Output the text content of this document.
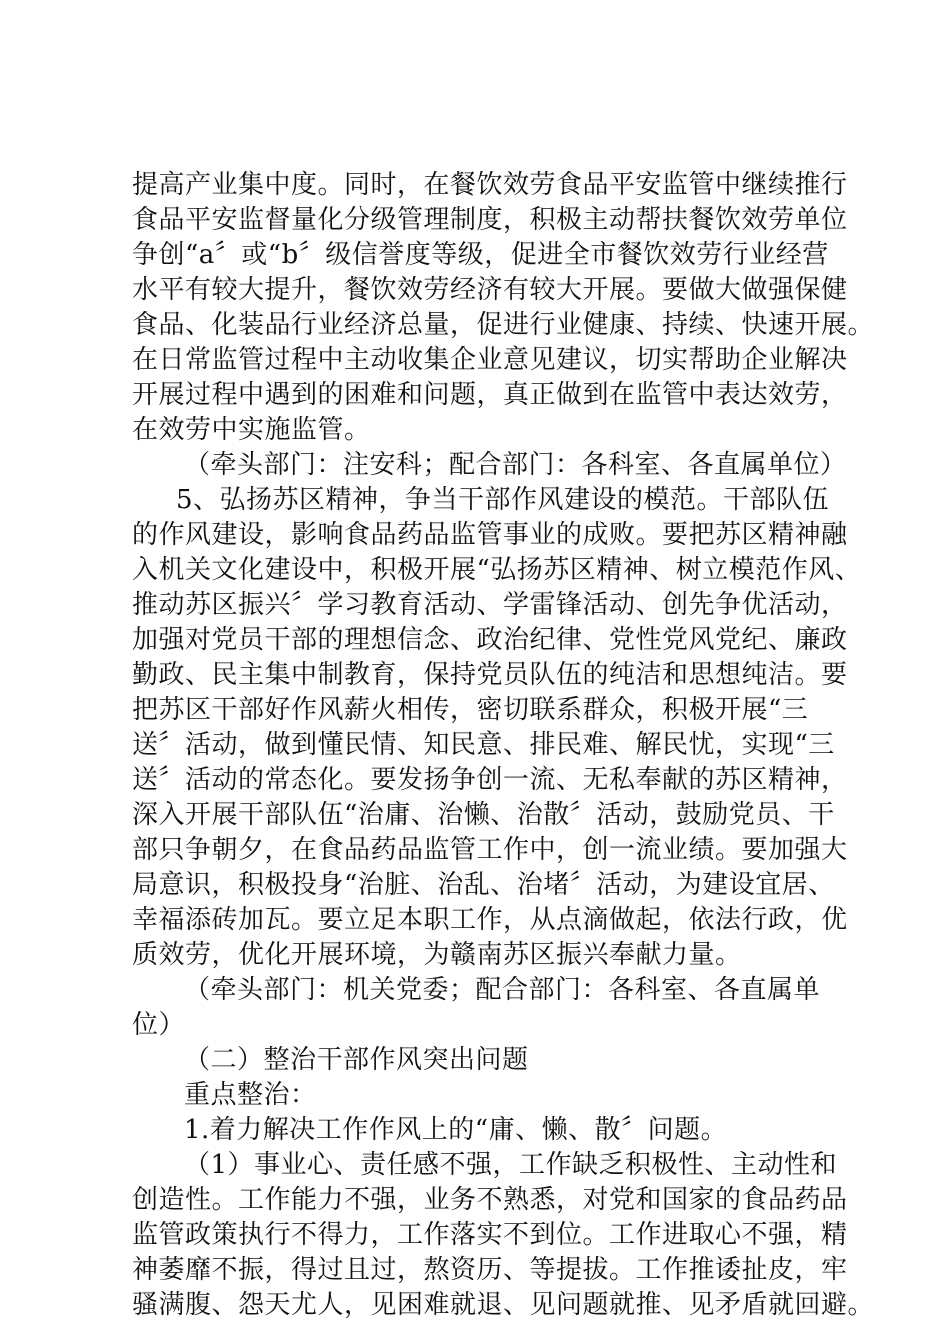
提高产业集中度。同时，在餐饮效劳食品平安监管中继续推行
食品平安监督量化分级管理制度，积极主动帮扶餐饮效劳单位
争创“a〞或“b〞级信誉度等级，促进全市餐饮效劳行业经营
水平有较大提升，餐饮效劳经济有较大开展。要做大做强保健
食品、化装品行业经济总量，促进行业健康、持续、快速开展。
在日常监管过程中主动收集企业意见建议，切实帮助企业解决
开展过程中遇到的困难和问题，真正做到在监管中表达效劳，
在效劳中实施监管。
（牵头部门：注安科；配合部门：各科室、各直属单位）
5、弘扬苏区精神，争当干部作风建设的模范。干部队伍
的作风建设，影响食品药品监管事业的成败。要把苏区精神融
入机关文化建设中，积极开展“弘扬苏区精神、树立模范作风、
推动苏区振兴〞学习教育活动、学雷锋活动、创先争优活动，
加强对党员干部的理想信念、政治纪律、党性党风党纪、廉政
勤政、民主集中制教育，保持党员队伍的纯洁和思想纯洁。要
把苏区干部好作风薪火相传，密切联系群众，积极开展“三
送〞活动，做到懂民情、知民意、排民难、解民忧，实现“三
送〞活动的常态化。要发扬争创一流、无私奉献的苏区精神，
深入开展干部队伍“治庸、治懒、治散〞活动，鼓励党员、干
部只争朝夕，在食品药品监管工作中，创一流业绩。要加强大
局意识，积极投身“治脏、治乱、治堵〞活动，为建设宜居、
幸福添砖加瓦。要立足本职工作，从点滴做起，依法行政，优
质效劳，优化开展环境，为赣南苏区振兴奉献力量。
（牵头部门：机关党委；配合部门：各科室、各直属单
位）
（二）整治干部作风突出问题
重点整治：
1.着力解决工作作风上的“庸、懒、散〞问题。
（1）事业心、责任感不强，工作缺乏积极性、主动性和
创造性。工作能力不强，业务不熟悉，对党和国家的食品药品
监管政策执行不得力，工作落实不到位。工作进取心不强，精
神萎靡不振，得过且过，熬资历、等提拔。工作推诿扯皮，牢
骚满腹、怨天尤人，见困难就退、见问题就推、见矛盾就回避。
